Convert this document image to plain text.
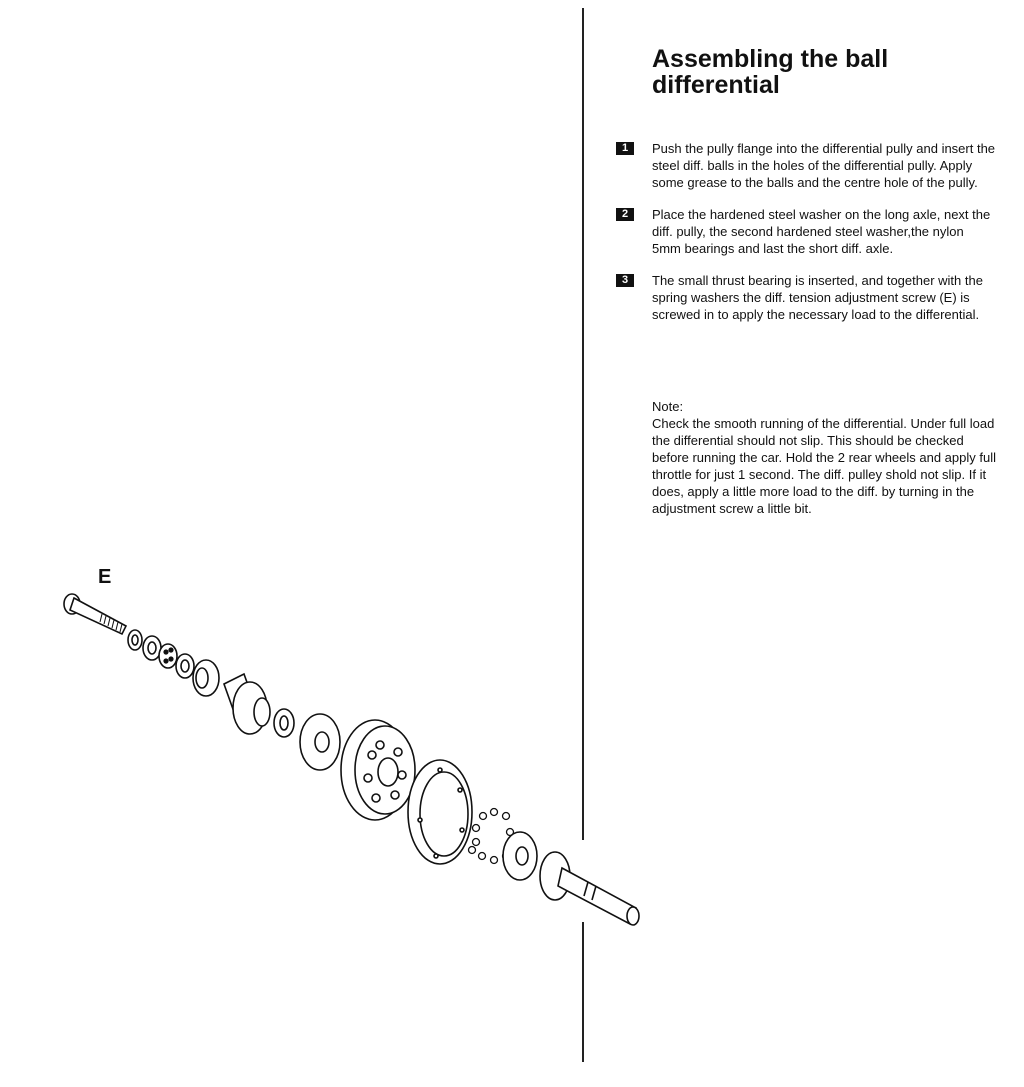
Assembling the ball differential
1	Push the pully flange into the differential pully and insert the steel diff. balls in the holes of the differential pully. Apply some grease to the balls and the centre hole of the pully.
2	Place the hardened steel washer on the long axle, next the diff. pully, the second hardened steel washer,the nylon 5mm bearings and last the short diff. axle.
3	The small thrust bearing is inserted, and together with the spring washers the diff. tension adjustment screw (E) is screwed in to apply the necessary load to the differential.
Note:
Check the smooth running of the differential. Under full load the differential should not slip. This should be checked before running the car. Hold the 2 rear wheels and apply full throttle for just 1 second. The diff. pulley shold not slip. If it does, apply a little more load to the diff. by turning in the adjustment screw a little bit.
E
